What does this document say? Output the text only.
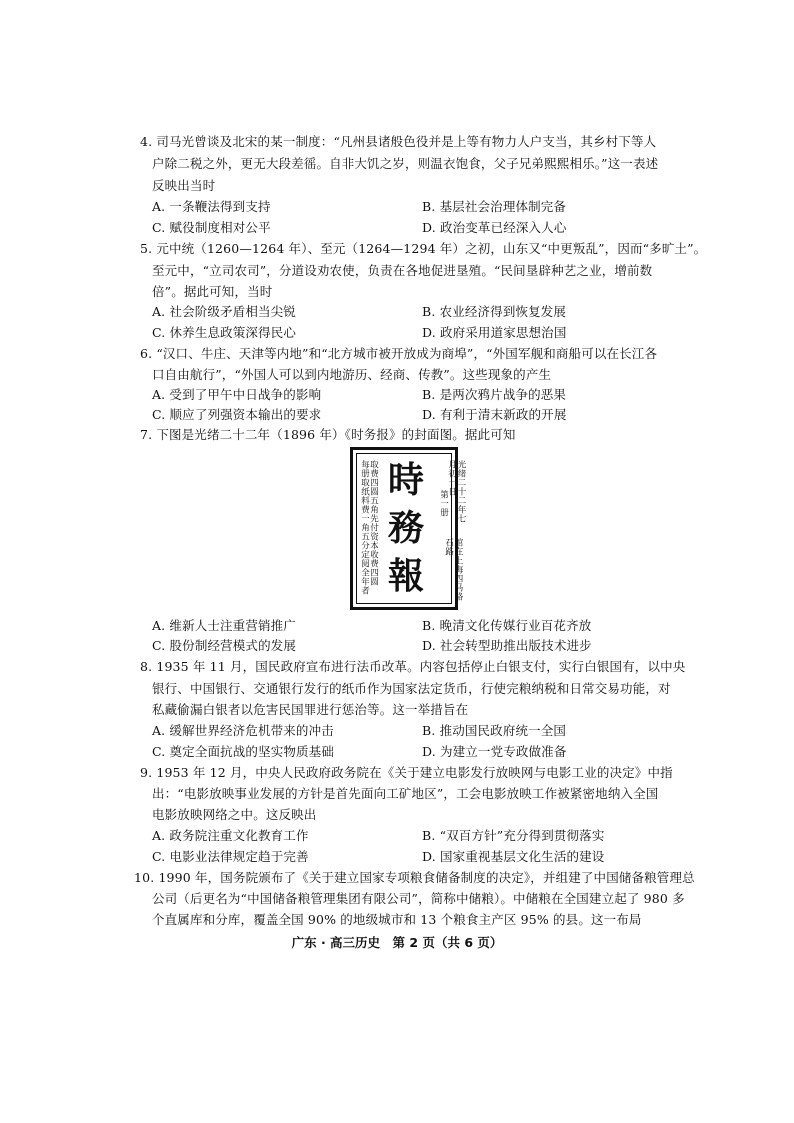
4. 司马光曾谈及北宋的某一制度：“凡州县诸般色役并是上等有物力人户支当，其乡村下等人
户除二税之外，更无大段差徭。自非大饥之岁，则温衣饱食，父子兄弟熙熙相乐。”这一表述
反映出当时
A. 一条鞭法得到支持	B. 基层社会治理体制完备
C. 赋役制度相对公平	D. 政治变革已经深入人心
5. 元中统（1260—1264 年）、至元（1264—1294 年）之初，山东又“中更叛乱”，因而“多旷土”。
至元中，“立司农司”，分道设劝农使，负责在各地促进垦殖。“民间垦辟种艺之业，增前数
倍”。据此可知，当时
A. 社会阶级矛盾相当尖锐	B. 农业经济得到恢复发展
C. 休养生息政策深得民心	D. 政府采用道家思想治国
6. “汉口、牛庄、天津等内地”和“北方城市被开放成为商埠”，“外国军舰和商船可以在长江各
口自由航行”，“外国人可以到内地游历、经商、传教”。这些现象的产生
A. 受到了甲午中日战争的影响	B. 是两次鸦片战争的恶果
C. 顺应了列强资本输出的要求	D. 有利于清末新政的开展
7. 下图是光绪二十二年（1896 年）《时务报》的封面图。据此可知
每册取纸料费一角五分定阅全年者 取费四圆五角先付资本收费四圆 時
務
報
光绪二十二年七月初一日
第一册
馆在上海四马路石路
A. 维新人士注重营销推广	B. 晚清文化传媒行业百花齐放
C. 股份制经营模式的发展	D. 社会转型助推出版技术进步
8. 1935 年 11 月，国民政府宣布进行法币改革。内容包括停止白银支付，实行白银国有，以中央
银行、中国银行、交通银行发行的纸币作为国家法定货币，行使完粮纳税和日常交易功能，对
私藏偷漏白银者以危害民国罪进行惩治等。这一举措旨在
A. 缓解世界经济危机带来的冲击	B. 推动国民政府统一全国
C. 奠定全面抗战的坚实物质基础	D. 为建立一党专政做准备
9. 1953 年 12 月，中央人民政府政务院在《关于建立电影发行放映网与电影工业的决定》中指
出：“电影放映事业发展的方针是首先面向工矿地区”，工会电影放映工作被紧密地纳入全国
电影放映网络之中。这反映出
A. 政务院注重文化教育工作	B. “双百方针”充分得到贯彻落实
C. 电影业法律规定趋于完善	D. 国家重视基层文化生活的建设
10. 1990 年，国务院颁布了《关于建立国家专项粮食储备制度的决定》，并组建了中国储备粮管理总
公司（后更名为“中国储备粮管理集团有限公司”，简称中储粮）。中储粮在全国建立起了 980 多
个直属库和分库，覆盖全国 90% 的地级城市和 13 个粮食主产区 95% 的县。这一布局
广东 · 高三历史　第 2 页（共 6 页）
